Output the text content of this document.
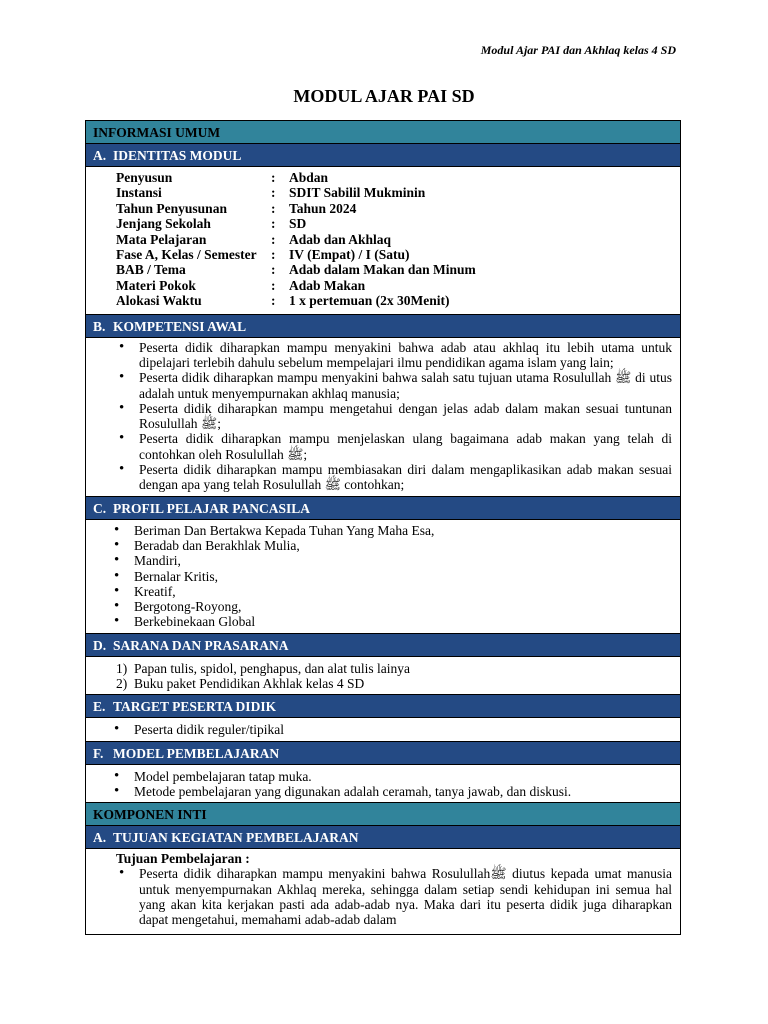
Modul Ajar PAI dan Akhlaq kelas 4 SD
MODUL AJAR PAI SD
INFORMASI UMUM
A. IDENTITAS MODUL
Penyusun	:	Abdan
Instansi	:	SDIT Sabilil Mukminin
Tahun Penyusunan	:	Tahun 2024
Jenjang Sekolah	:	SD
Mata Pelajaran	:	Adab dan Akhlaq
Fase A, Kelas / Semester	:	IV (Empat) / I (Satu)
BAB / Tema	:	Adab dalam Makan dan Minum
Materi Pokok	:	Adab Makan
Alokasi Waktu	:	1 x pertemuan (2x 30Menit)
B. KOMPETENSI AWAL
• Peserta didik diharapkan mampu menyakini bahwa adab atau akhlaq itu lebih utama untuk dipelajari terlebih dahulu sebelum mempelajari ilmu pendidikan agama islam yang lain;
• Peserta didik diharapkan mampu menyakini bahwa salah satu tujuan utama Rosulullah ﷺ di utus adalah untuk menyempurnakan akhlaq manusia;
• Peserta didik diharapkan mampu mengetahui dengan jelas adab dalam makan sesuai tuntunan Rosulullah ﷺ;
• Peserta didik diharapkan mampu menjelaskan ulang bagaimana adab makan yang telah di contohkan oleh Rosulullah ﷺ;
• Peserta didik diharapkan mampu membiasakan diri dalam mengaplikasikan adab makan sesuai dengan apa yang telah Rosulullah ﷺ contohkan;
C. PROFIL PELAJAR PANCASILA
• Beriman Dan Bertakwa Kepada Tuhan Yang Maha Esa,
• Beradab dan Berakhlak Mulia,
• Mandiri,
• Bernalar Kritis,
• Kreatif,
• Bergotong-Royong,
• Berkebinekaan Global
D. SARANA DAN PRASARANA
1) Papan tulis, spidol, penghapus, dan alat tulis lainya
2) Buku paket Pendidikan Akhlak kelas 4 SD
E. TARGET PESERTA DIDIK
• Peserta didik reguler/tipikal
F. MODEL PEMBELAJARAN
• Model pembelajaran tatap muka.
• Metode pembelajaran yang digunakan adalah ceramah, tanya jawab, dan diskusi.
KOMPONEN INTI
A. TUJUAN KEGIATAN PEMBELAJARAN
Tujuan Pembelajaran :
• Peserta didik diharapkan mampu menyakini bahwa Rosulullahﷺ diutus kepada umat manusia untuk menyempurnakan Akhlaq mereka, sehingga dalam setiap sendi kehidupan ini semua hal yang akan kita kerjakan pasti ada adab-adab nya. Maka dari itu peserta didik juga diharapkan dapat mengetahui, memahami adab-adab dalam
